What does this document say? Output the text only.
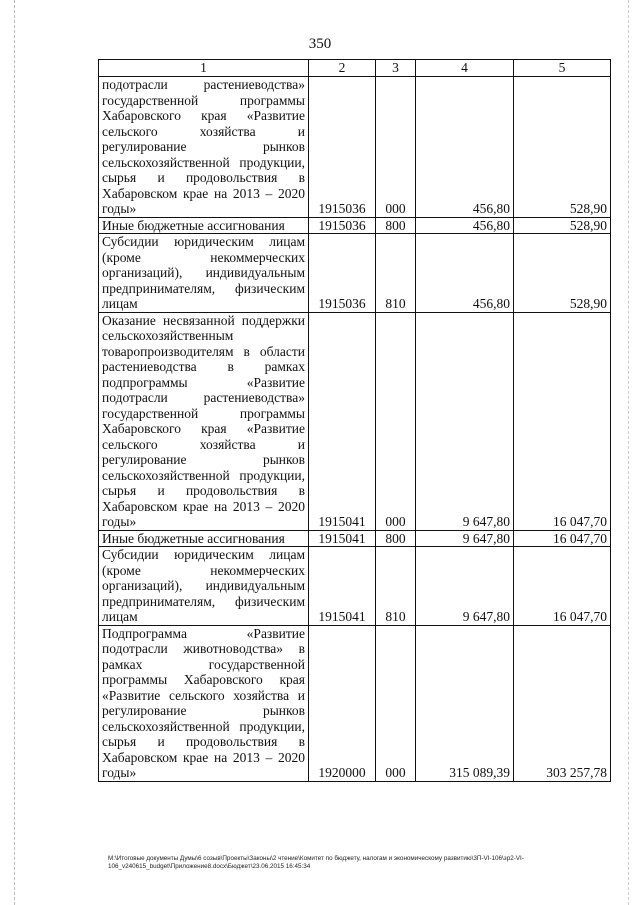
350
1	2	3	4	5
подотрасли растениеводства» государственной программы Хабаровского края «Развитие сельского хозяйства и регулирование рынков сельскохозяйственной продукции, сырья и продовольствия в Хабаровском крае на 2013 – 2020 годы»	1915036	000	456,80	528,90
Иные бюджетные ассигнования	1915036	800	456,80	528,90
Субсидии юридическим лицам (кроме некоммерческих организаций), индивидуальным предпринимателям, физическим лицам	1915036	810	456,80	528,90
Оказание несвязанной поддержки сельскохозяйственным товаропроизводителям в области растениеводства в рамках подпрограммы «Развитие подотрасли растениеводства» государственной программы Хабаровского края «Развитие сельского хозяйства и регулирование рынков сельскохозяйственной продукции, сырья и продовольствия в Хабаровском крае на 2013 – 2020 годы»	1915041	000	9 647,80	16 047,70
Иные бюджетные ассигнования	1915041	800	9 647,80	16 047,70
Субсидии юридическим лицам (кроме некоммерческих организаций), индивидуальным предпринимателям, физическим лицам	1915041	810	9 647,80	16 047,70
Подпрограмма «Развитие подотрасли животноводства» в рамках государственной программы Хабаровского края «Развитие сельского хозяйства и регулирование рынков сельскохозяйственной продукции, сырья и продовольствия в Хабаровском крае на 2013 – 2020 годы»	1920000	000	315 089,39	303 257,78
M:\Итоговые документы Думы\6 созыв\Проекты\Законы\2 чтение\Комитет по бюджету, налогам и экономическому развитию\3П-VI-106\зр2-VI-106_v240615_budget\Приложение8.docx\Бюджет\23.06.2015 16:45:34
